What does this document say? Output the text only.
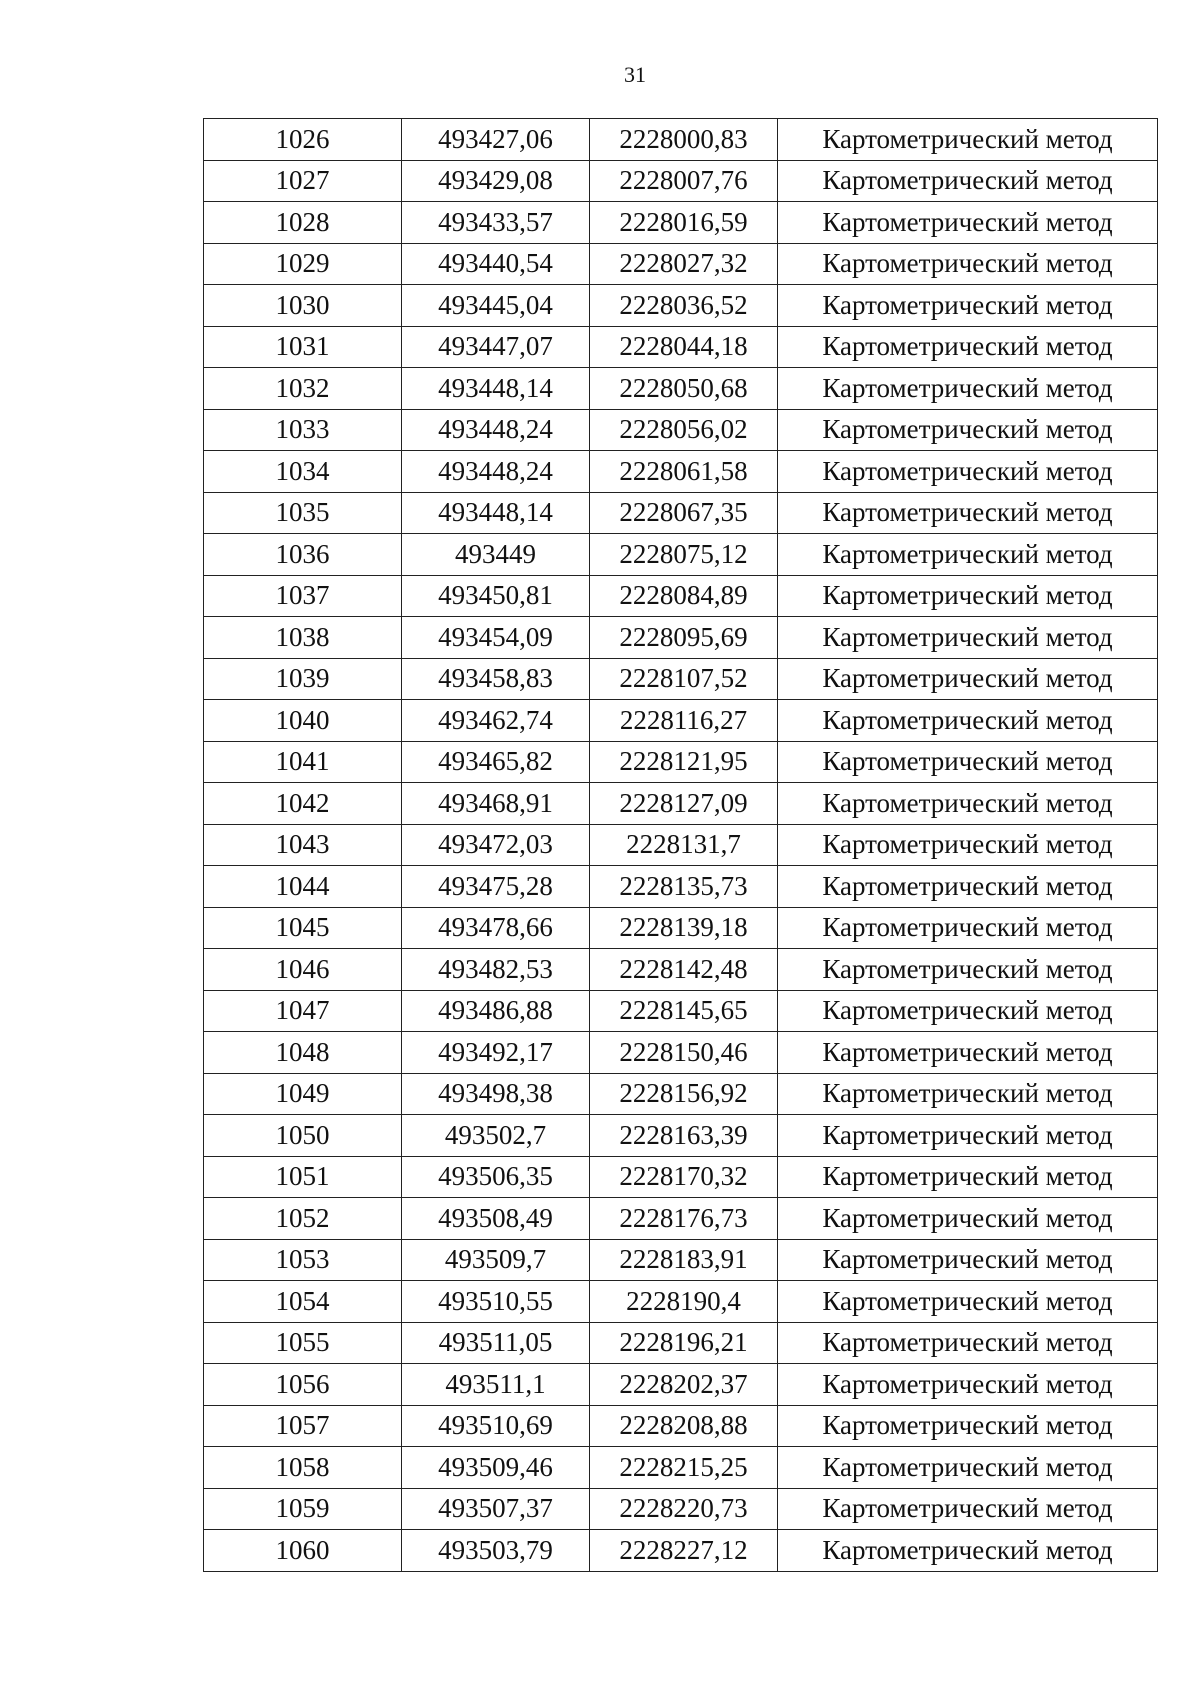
31
1026	493427,06	2228000,83	Картометрический метод
1027	493429,08	2228007,76	Картометрический метод
1028	493433,57	2228016,59	Картометрический метод
1029	493440,54	2228027,32	Картометрический метод
1030	493445,04	2228036,52	Картометрический метод
1031	493447,07	2228044,18	Картометрический метод
1032	493448,14	2228050,68	Картометрический метод
1033	493448,24	2228056,02	Картометрический метод
1034	493448,24	2228061,58	Картометрический метод
1035	493448,14	2228067,35	Картометрический метод
1036	493449	2228075,12	Картометрический метод
1037	493450,81	2228084,89	Картометрический метод
1038	493454,09	2228095,69	Картометрический метод
1039	493458,83	2228107,52	Картометрический метод
1040	493462,74	2228116,27	Картометрический метод
1041	493465,82	2228121,95	Картометрический метод
1042	493468,91	2228127,09	Картометрический метод
1043	493472,03	2228131,7	Картометрический метод
1044	493475,28	2228135,73	Картометрический метод
1045	493478,66	2228139,18	Картометрический метод
1046	493482,53	2228142,48	Картометрический метод
1047	493486,88	2228145,65	Картометрический метод
1048	493492,17	2228150,46	Картометрический метод
1049	493498,38	2228156,92	Картометрический метод
1050	493502,7	2228163,39	Картометрический метод
1051	493506,35	2228170,32	Картометрический метод
1052	493508,49	2228176,73	Картометрический метод
1053	493509,7	2228183,91	Картометрический метод
1054	493510,55	2228190,4	Картометрический метод
1055	493511,05	2228196,21	Картометрический метод
1056	493511,1	2228202,37	Картометрический метод
1057	493510,69	2228208,88	Картометрический метод
1058	493509,46	2228215,25	Картометрический метод
1059	493507,37	2228220,73	Картометрический метод
1060	493503,79	2228227,12	Картометрический метод
